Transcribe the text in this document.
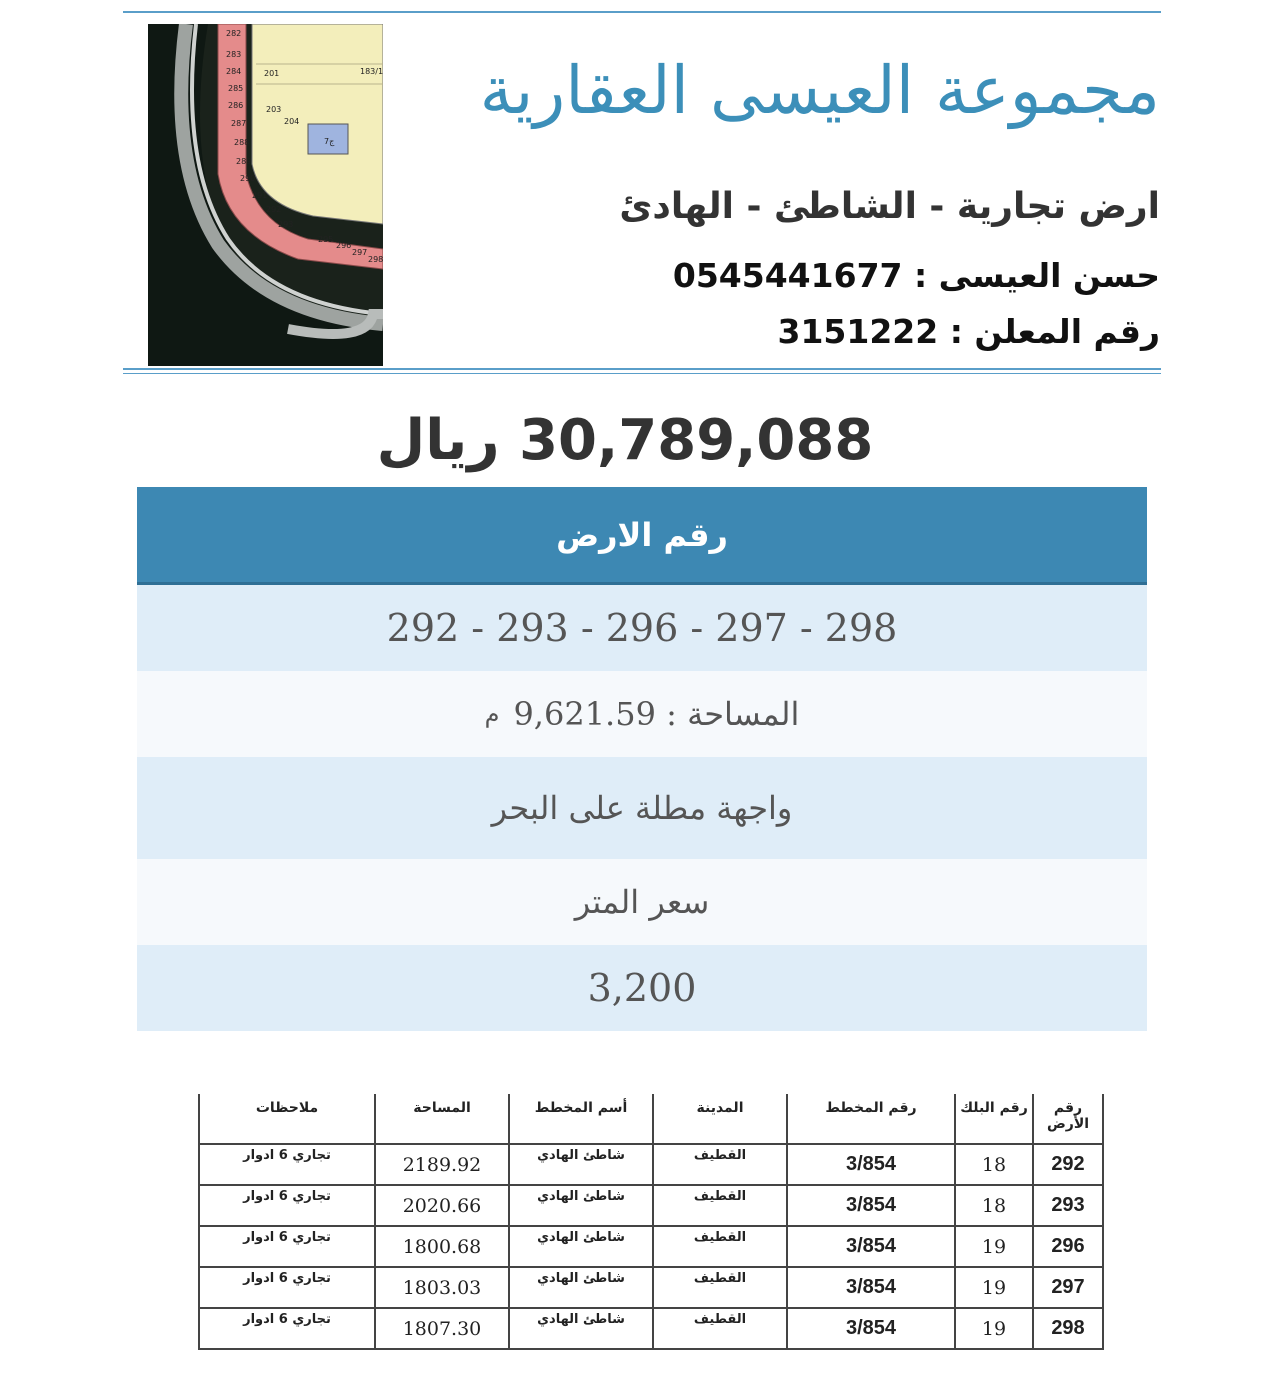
282
283
284
285
286
287
288
289
290
291
292
293
295
296
297
298
201
203
204
183/1
7ج
مجموعة العيسى العقارية
ارض تجارية - الشاطئ - الهادئ
حسن العيسى : 0545441677
رقم المعلن : 3151222
30,789,088 ريال
رقم الارض
298 - 297 - 296 - 293 - 292
المساحة : 9,621.59
م
واجهة مطلة على البحر
سعر المتر
3,200
رقم الأرض	رقم البلك	رقم المخطط	المدينة	أسم المخطط	المساحة	ملاحظات
292	18	3/854	القطيف	شاطئ الهادي	2189.92	تجاري 6 ادوار
293	18	3/854	القطيف	شاطئ الهادي	2020.66	تجاري 6 ادوار
296	19	3/854	القطيف	شاطئ الهادي	1800.68	تجاري 6 ادوار
297	19	3/854	القطيف	شاطئ الهادي	1803.03	تجاري 6 ادوار
298	19	3/854	القطيف	شاطئ الهادي	1807.30	تجاري 6 ادوار
